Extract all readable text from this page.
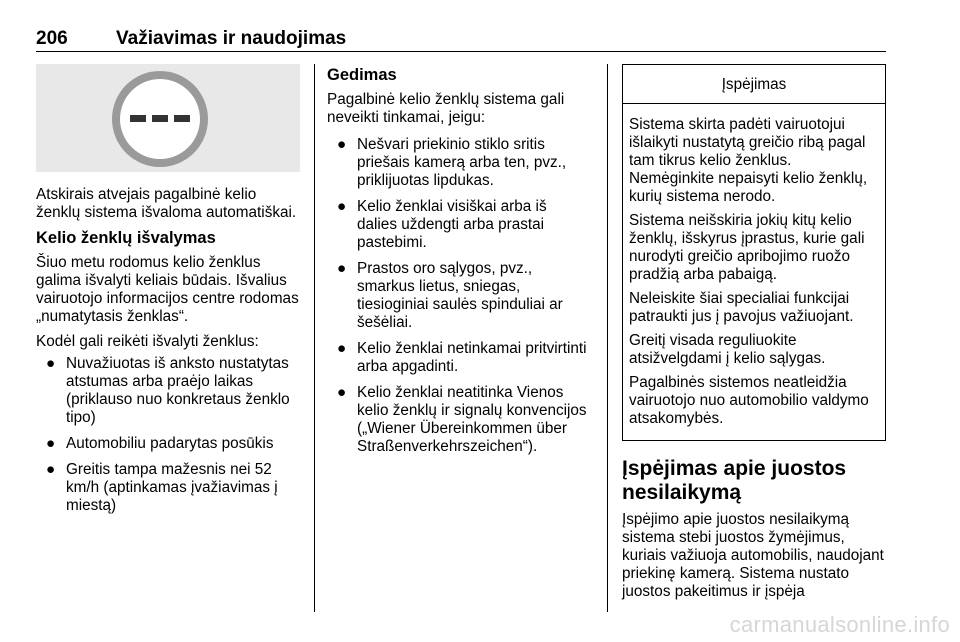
206	Važiavimas ir naudojimas

Atskirais atvejais pagalbinė kelio ženklų sistema išvaloma automatiškai.

Kelio ženklų išvalymas

Šiuo metu rodomus kelio ženklus galima išvalyti keliais būdais. Išvalius vairuotojo informacijos centre rodomas „numatytasis ženklas“.

Kodėl gali reikėti išvalyti ženklus:

● Nuvažiuotas iš anksto nustatytas atstumas arba praėjo laikas (priklauso nuo konkretaus ženklo tipo)
● Automobiliu padarytas posūkis
● Greitis tampa mažesnis nei 52 km/h (aptinkamas įvažiavimas į miestą)
Gedimas

Pagalbinė kelio ženklų sistema gali neveikti tinkamai, jeigu:

● Nešvari priekinio stiklo sritis priešais kamerą arba ten, pvz., priklijuotas lipdukas.
● Kelio ženklai visiškai arba iš dalies uždengti arba prastai pastebimi.
● Prastos oro sąlygos, pvz., smarkus lietus, sniegas, tiesioginiai saulės spinduliai ar šešėliai.
● Kelio ženklai netinkamai pritvirtinti arba apgadinti.
● Kelio ženklai neatitinka Vienos kelio ženklų ir signalų konvencijos („Wiener Übereinkommen über Straßenverkehrszeichen“).
Įspėjimas

Sistema skirta padėti vairuotojui išlaikyti nustatytą greičio ribą pagal tam tikrus kelio ženklus. Nemėginkite nepaisyti kelio ženklų, kurių sistema nerodo.

Sistema neišskiria jokių kitų kelio ženklų, išskyrus įprastus, kurie gali nurodyti greičio apribojimo ruožo pradžią arba pabaigą.

Neleiskite šiai specialiai funkcijai patraukti jus į pavojus važiuojant.

Greitį visada reguliuokite atsižvelgdami į kelio sąlygas.

Pagalbinės sistemos neatleidžia vairuotojo nuo automobilio valdymo atsakomybės.

Įspėjimas apie juostos nesilaikymą

Įspėjimo apie juostos nesilaikymą sistema stebi juostos žymėjimus, kuriais važiuoja automobilis, naudojant priekinę kamerą. Sistema nustato juostos pakeitimus ir įspėja

carmanualsonline.info
